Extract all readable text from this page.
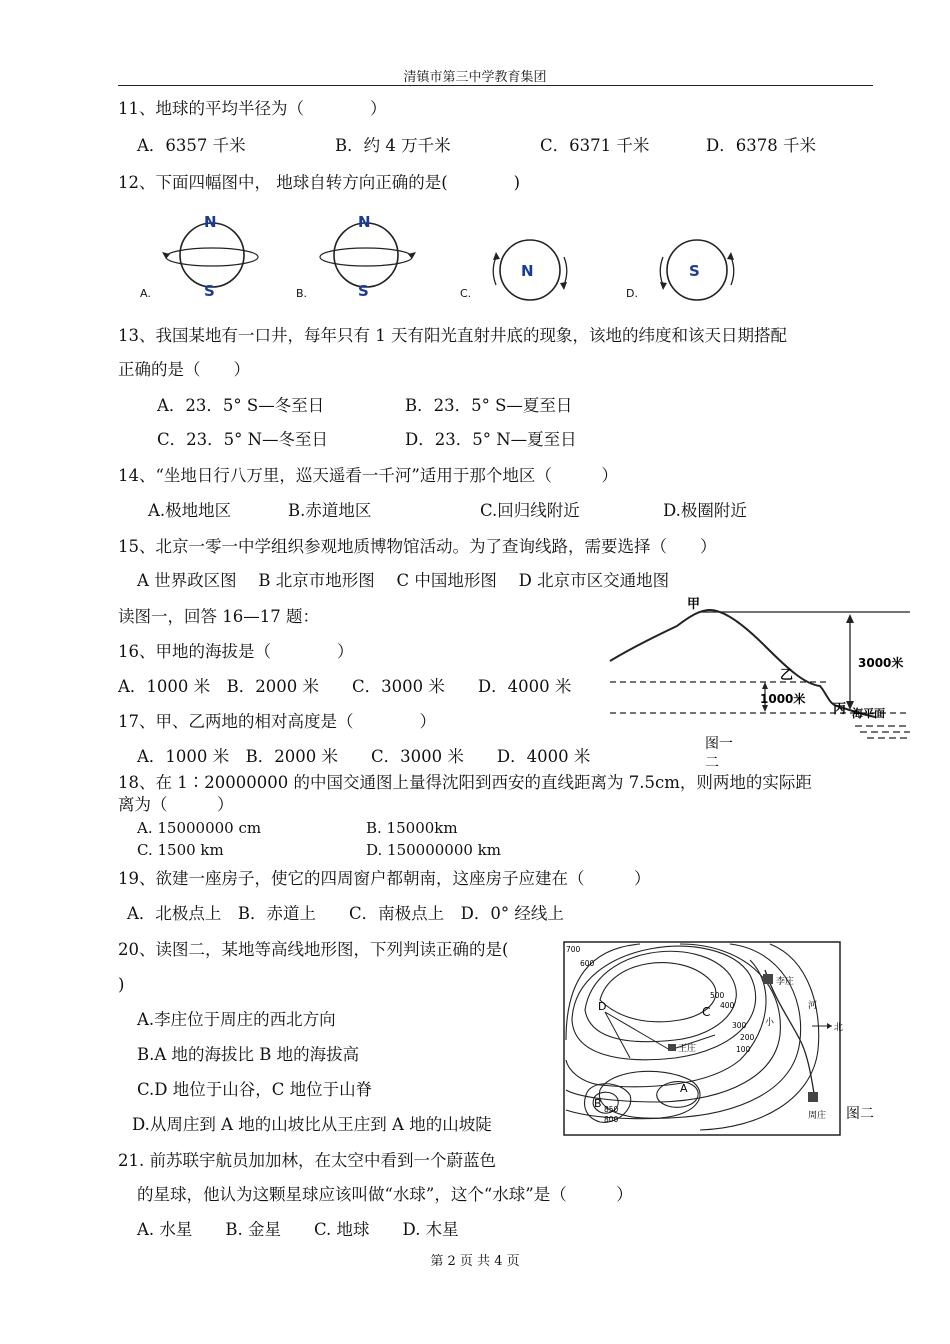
清镇市第三中学教育集团
11、地球的平均半径为（　　　　）
A．6357 千米	B．约 4 万千米	C．6371 千米	D．6378 千米
12、下面四幅图中， 地球自转方向正确的是(　　　　)
N
S
A.
N
S
B.
N
C.
S
D.
13、我国某地有一口井，每年只有 1 天有阳光直射井底的现象，该地的纬度和该天日期搭配
正确的是（　　）
A．23．5° S—冬至日	B．23．5° S—夏至日
C．23．5° N—冬至日	D．23．5° N—夏至日
14、“坐地日行八万里，巡天遥看一千河”适用于那个地区（　　　）
A.极地地区	B.赤道地区	C.回归线附近	D.极圈附近
15、北京一零一中学组织参观地质博物馆活动。为了查询线路，需要选择（　　）
A 世界政区图　 B 北京市地形图　 C 中国地形图　 D 北京市区交通地图
读图一，回答 16—17 题：
16、甲地的海拔是（　　　　）
A．1000 米　B．2000 米　　C．3000 米　　D．4000 米
17、甲、乙两地的相对高度是（　　　　）
A．1000 米　B．2000 米　　C．3000 米　　D．4000 米
甲
乙
丙
3000米
1000米
海平面
图一
二
18、在 1∶20000000 的中国交通图上量得沈阳到西安的直线距离为 7.5cm，则两地的实际距
离为（　　　）
A. 15000000 cm	B. 15000km
C. 1500 km	D. 150000000 km
19、欲建一座房子，使它的四周窗户都朝南，这座房子应建在（　　　）
A．北极点上　B．赤道上　　C．南极点上　D．0° 经线上
20、读图二，某地等高线地形图，下列判读正确的是(
)
A.李庄位于周庄的西北方向
B.A 地的海拔比 B 地的海拔高
C.D 地位于山谷，C 地位于山脊
D.从周庄到 A 地的山坡比从王庄到 A 地的山坡陡
李庄
王庄
周庄
河
小	北
A
B
C
D
700
600
500
400
300
200
100
850
800	图二
21. 前苏联宇航员加加林，在太空中看到一个蔚蓝色
的星球，他认为这颗星球应该叫做“水球”，这个“水球”是（　　　）
A. 水星　　B. 金星　　C. 地球　　D. 木星
第 2 页 共 4 页
